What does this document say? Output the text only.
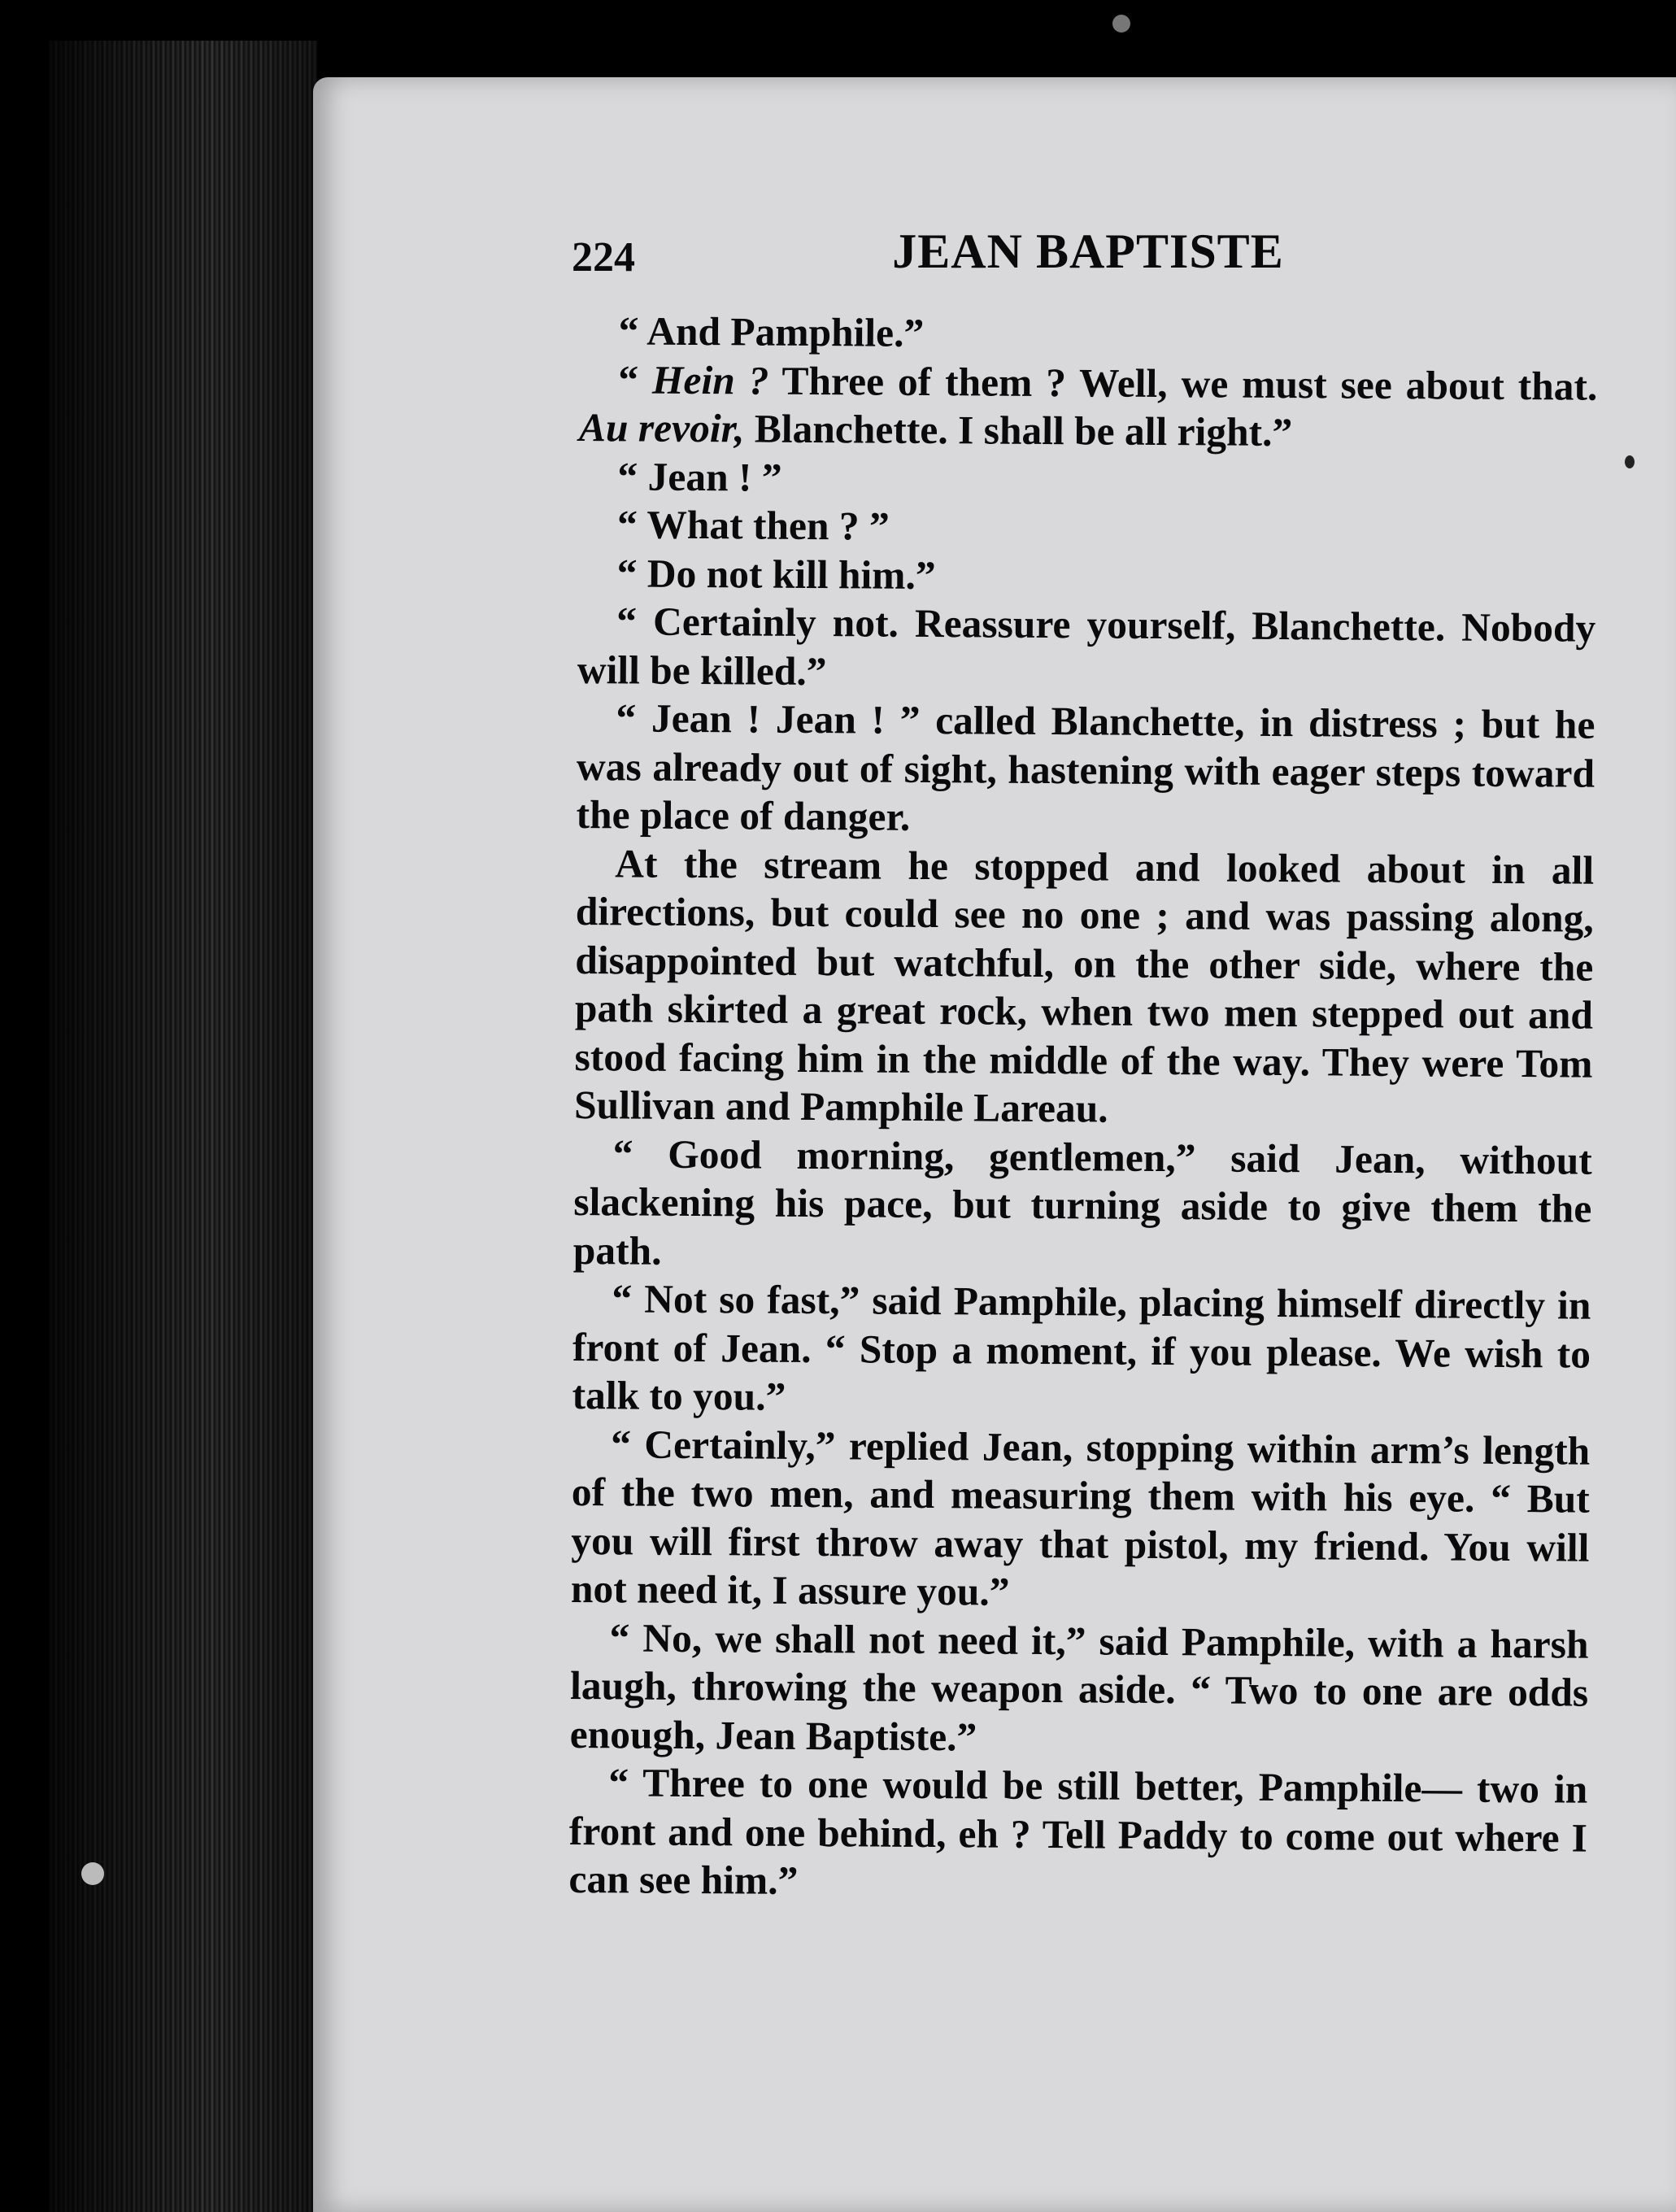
224	JEAN BAPTISTE

“ And Pamphile.”

“ Hein ? Three of them ? Well, we must see about that. Au revoir, Blanchette. I shall be all right.”

“ Jean ! ”

“ What then ? ”

“ Do not kill him.”

“ Certainly not. Reassure yourself, Blanchette. Nobody will be killed.”

“ Jean ! Jean ! ” called Blanchette, in distress ; but he was already out of sight, hastening with eager steps toward the place of danger.

At the stream he stopped and looked about in all directions, but could see no one ; and was passing along, disappointed but watchful, on the other side, where the path skirted a great rock, when two men stepped out and stood facing him in the middle of the way. They were Tom Sullivan and Pamphile Lareau.

“ Good morning, gentlemen,” said Jean, without slackening his pace, but turning aside to give them the path.

“ Not so fast,” said Pamphile, placing himself directly in front of Jean. “ Stop a moment, if you please. We wish to talk to you.”

“ Certainly,” replied Jean, stopping within arm’s length of the two men, and measuring them with his eye. “ But you will first throw away that pistol, my friend. You will not need it, I assure you.”

“ No, we shall not need it,” said Pamphile, with a harsh laugh, throwing the weapon aside. “ Two to one are odds enough, Jean Baptiste.”

“ Three to one would be still better, Pamphile— two in front and one behind, eh ? Tell Paddy to come out where I can see him.”
